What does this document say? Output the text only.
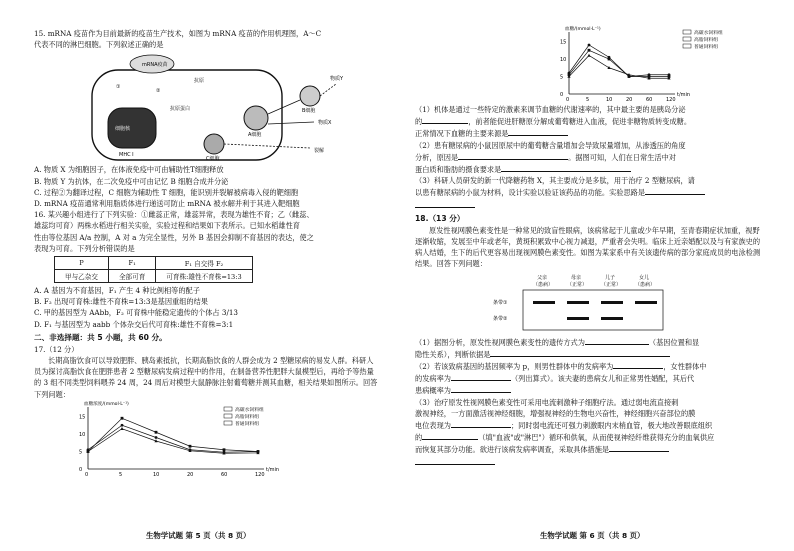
15. mRNA 疫苗作为目前最新的疫苗生产技术，如图为 mRNA 疫苗的作用机理图，A～C

代表不同的淋巴细胞。下列叙述正确的是

mRNA疫苗
①
②
细胞核
MHC Ⅰ
抗原蛋白
抗原
A细胞
B细胞
C细胞
物质X
物质Y
裂解

A. 物质 X 为细胞因子，在体液免疫中可由辅助性T细胞释放

B. 物质 Y 为抗体，在二次免疫中可由记忆 B 细胞合成并分泌

C. 过程②为翻译过程，C 细胞为辅助性 T 细胞，能识别并裂解被病毒入侵的靶细胞

D. mRNA 疫苗通常利用脂质体进行递送可防止 mRNA 被水解并利于其进入靶细胞

16. 某兴趣小组进行了下列实验：①雌蕊正常，雄蕊异常，表现为雄性不育；乙（雌蕊、

雄蕊均可育）两株水稻进行相关实验，实验过程和结果如下表所示。已知水稻雄性育

性由等位基因 A/a 控制，A 对 a 为完全显性，另外 B 基因会抑制不育基因的表达，使之

表现为可育。下列分析错误的是

P	F₁	F₁ 自交得 F₂
甲与乙杂交	全部可育	可育株:雄性不育株=13:3

A. A 基因为不育基因，F₁ 产生 4 种比例相等的配子

B. F₂ 出现可育株:雄性不育株=13:3是基因重组的结果

C. 甲的基因型为 AAbb，F₂ 可育株中能稳定遗传的个体占 3/13

D. F₁ 与基因型为 aabb 个体杂交后代可育株:雄性不育株=3:1

二、非选择题：共 5 小题，共 60 分。

17.（12 分）

长期高脂饮食可以导致肥胖、胰岛素抵抗，长期高脂饮食的人群会成为 2 型糖尿病的易发人群。科研人员为探讨高脂饮食在肥胖患者 2 型糖尿病发病过程中的作用，在制备营养性肥胖大鼠模型后，再给予等热量的 3 组不同类型饲料喂养 24 周，24 周后对模型大鼠静脉注射葡萄糖并测其血糖，相关结果如图所示。回答下列问题：

0	5	10	20	60	120
0
5
10
15
t/min
血糖浓度/(mmol·L⁻¹)
高碳水饲料组
高脂饲料组
普通饲料组
生物学试题 第 5 页（共 8 页）
0	5	10	20	60	120
0
5
10
15
t/min
血糖/(mmol·L⁻¹)
高碳水饲料组
高脂饲料组
普通饲料组

（1）机体是通过一些特定的激素来调节血糖的代谢速率的，其中最主要的是胰岛分泌

的	，前者能促进肝糖原分解成葡萄糖进入血液，促进非糖物质转变成糖。

正常情况下血糖的主要来源是

（2）患有糖尿病的小鼠因原尿中的葡萄糖含量增加会导致尿量增加，从渗透压的角度

分析，原因是	。据图可知，人们在日常生活中对

蛋白质和脂肪的摄食要求是

（3）科研人员研发的新一代降糖药物 X，其主要成分是多肽，用于治疗 2 型糖尿病，请

以患有糖尿病的小鼠为材料，设计实验以验证该药品的功能。实验思路是

18.（13 分）

原发性视网膜色素变性是一种常见的致盲性眼病，该病常起于儿童或少年早期，至青春期症状加重，视野逐渐收缩，发展至中年或老年，黄斑积累致中心视力减退，严重者会失明。临床上近亲婚配以及与有家族史的病人结婚，生下的后代更容易出现视网膜色素变性。如图为某家系中有关该遗传病的部分家庭成员的电泳检测结果。回答下列问题：

父亲
（患病）
母亲
（正常）
儿子
（正常）
女儿
（患病）
条带①
条带②

（1）据图分析，原发性视网膜色素变性的遗传方式为	（基因位置和显

隐性关系），判断依据是

（2）若该致病基因的基因频率为 p，则男性群体中的发病率为	，女性群体中

的发病率为	（列出算式）。该夫妻的患病女儿和正常男性婚配，其后代

患病概率为

（3）治疗原发性视网膜色素变性可采用电流刺激种子细胞疗法。通过弱电流直接刺

激视神经，一方面激活视神经细胞，增强视神经的生物电兴奋性，神经细胞兴奋部位的膜

电位表现为	；同时弱电流还可强力刺激眼内末梢血管，极大地改善眼底组织

的	（填"血液"或"淋巴"）循环和供氧，从而使视神经纤维获得充分的血氧供应

而恢复其部分功能。欲进行该病发病率调查，采取具体措施是

生物学试题 第 6 页（共 8 页）
